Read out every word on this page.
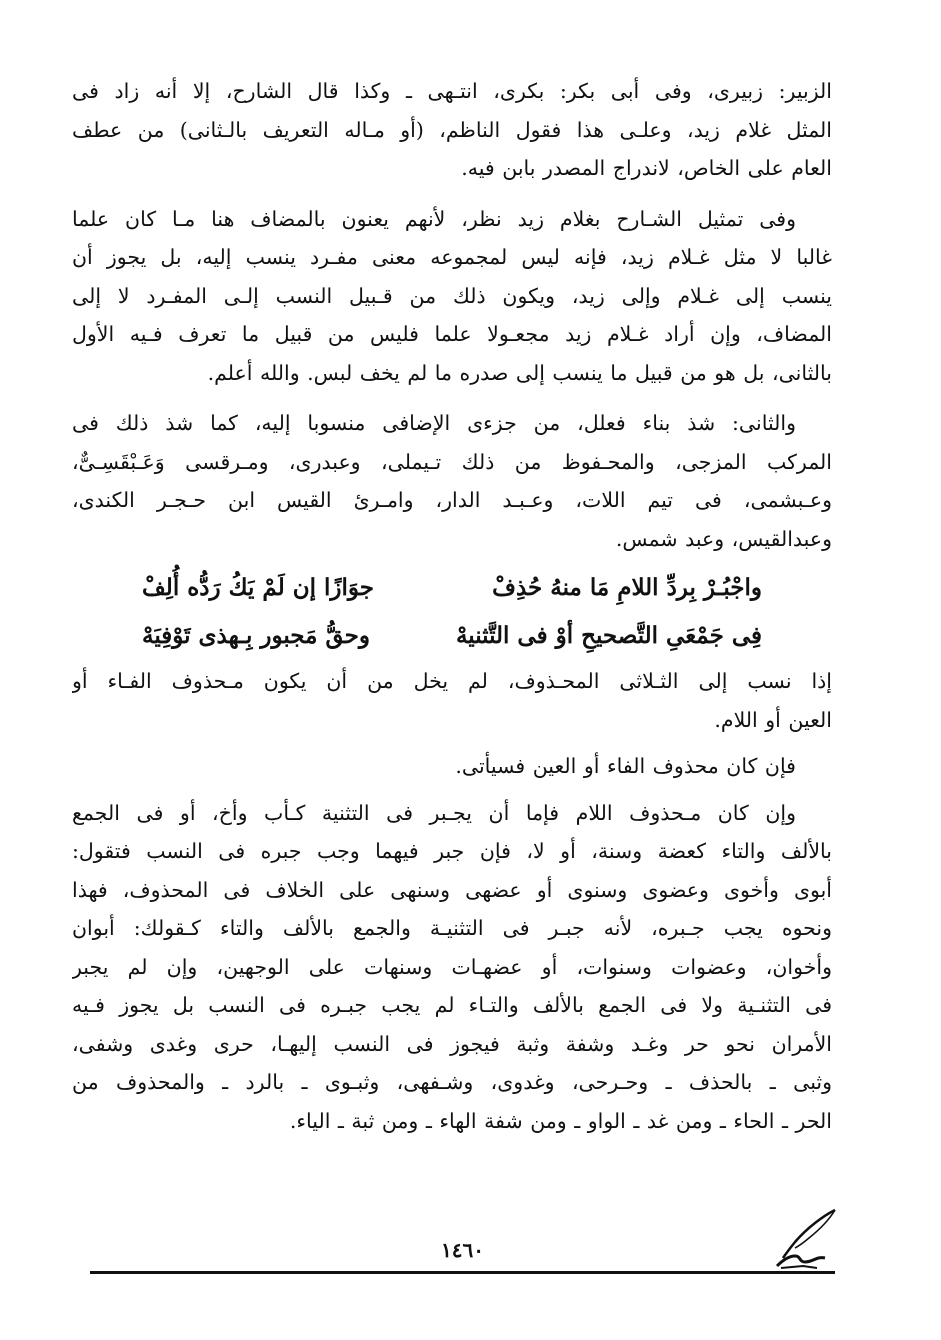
الزبير: زبيرى، وفى أبى بكر: بكرى، انتـهى ـ وكذا قال الشارح، إلا أنه زاد فى
المثل غلام زيد، وعلـى هذا فقول الناظم، (أو مـاله التعريف بالـثانى) من عطف
العام على الخاص، لاندراج المصدر بابن فيه.

وفى تمثيل الشـارح بغلام زيد نظر، لأنهم يعنون بالمضاف هنا مـا كان علما
غالبا لا مثل غـلام زيد، فإنه ليس لمجموعه معنى مفـرد ينسب إليه، بل يجوز أن
ينسب إلى غـلام وإلى زيد، ويكون ذلك من قـبيل النسب إلـى المفـرد لا إلى
المضاف، وإن أراد غـلام زيد مجعـولا علما فليس من قبيل ما تعرف فـيه الأول
بالثانى، بل هو من قبيل ما ينسب إلى صدره ما لم يخف لبس. والله أعلم.

والثانى: شذ بناء فعلل، من جزءى الإضافى منسوبا إليه، كما شذ ذلك فى
المركب المزجى، والمحـفوظ من ذلك تـيملى، وعبدرى، ومـرقسى وَعَـبْقَسِـىٌّ،
وعـبشمى، فى تيم اللات، وعـبـد الدار، وامـرئ القيس ابن حـجـر الكندى،
وعبدالقيس، وعبد شمس.

واجْبُـرْ بِردِّ اللامِ مَا منهُ حُذِفْ
جوَازًا إن لَمْ يَكُ رَدُّه أُلِفْ
فِى جَمْعَىِ التَّصحيحِ أوْ فى التَّثنيهْ
وحقُّ مَجبور بِـهذى تَوْفِيَهْ

إذا نسب إلى الثـلاثى المحـذوف، لم يخل من أن يكون مـحذوف الفـاء أو
العين أو اللام.

فإن كان محذوف الفاء أو العين فسيأتى.

وإن كان مـحذوف اللام فإما أن يجـبر فى التثنية كـأب وأخ، أو فى الجمع
بالألف والتاء كعضة وسنة، أو لا، فإن جبر فيهما وجب جبره فى النسب فتقول:
أبوى وأخوى وعضوى وسنوى أو عضهى وسنهى على الخلاف فى المحذوف، فهذا
ونحوه يجب جـبره، لأنه جبـر فى التثنيـة والجمع بالألف والتاء كـقولك: أبوان
وأخوان، وعضوات وسنوات، أو عضهـات وسنهات على الوجهين، وإن لم يجبر
فى التثنـية ولا فى الجمع بالألف والتـاء لم يجب جبـره فى النسب بل يجوز فـيه
الأمران نحو حر وغـد وشفة وثبة فيجوز فى النسب إليهـا، حرى وغدى وشفى،
وثبى ـ بالحذف ـ وحـرحى، وغدوى، وشـفهى، وثبـوى ـ بالرد ـ والمحذوف من
الحر ـ الحاء ـ ومن غد ـ الواو ـ ومن شفة الهاء ـ ومن ثبة ـ الياء.

١٤٦٠
